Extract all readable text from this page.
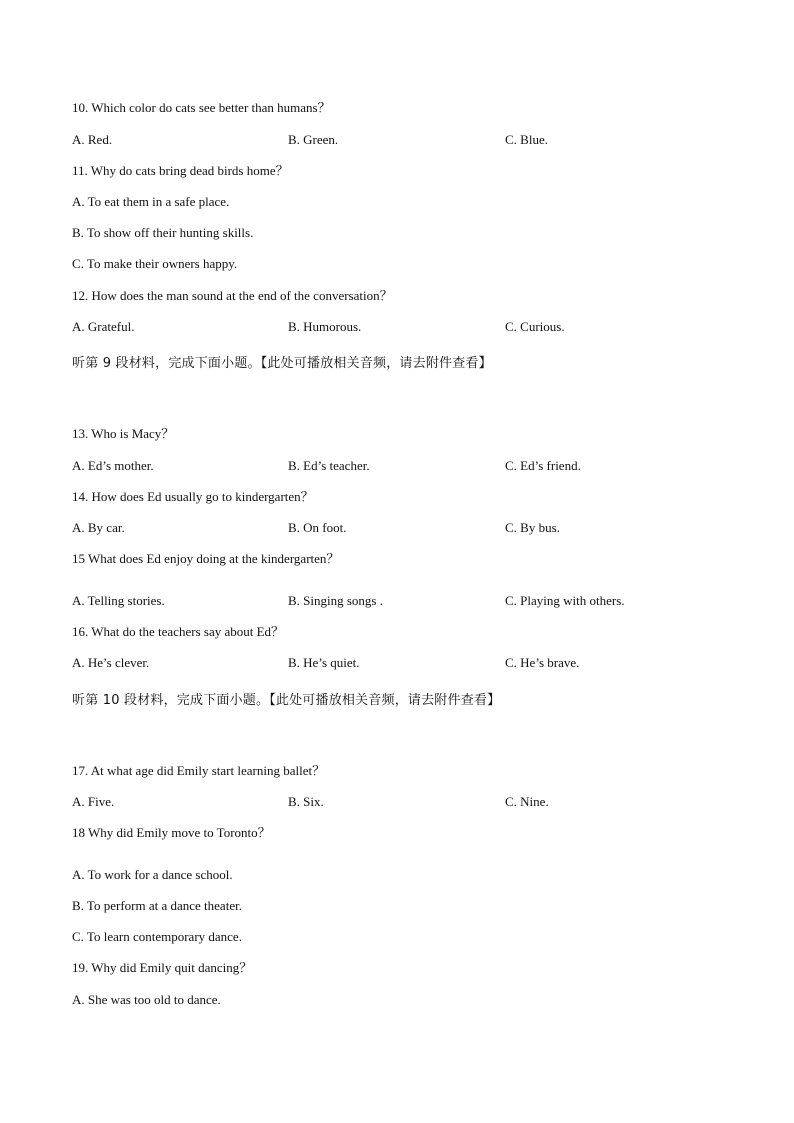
10. Which color do cats see better than humans？
A. Red.	B. Green.	C. Blue.
11. Why do cats bring dead birds home？
A. To eat them in a safe place.
B. To show off their hunting skills.
C. To make their owners happy.
12. How does the man sound at the end of the conversation？
A. Grateful.	B. Humorous.	C. Curious.
听第 9 段材料，完成下面小题。【此处可播放相关音频，请去附件查看】
13. Who is Macy？
A. Ed’s mother.	B. Ed’s teacher.	C. Ed’s friend.
14. How does Ed usually go to kindergarten？
A. By car.	B. On foot.	C. By bus.
15 What does Ed enjoy doing at the kindergarten？
A. Telling stories.	B. Singing songs .	C. Playing with others.
16. What do the teachers say about Ed？
A. He’s clever.	B. He’s quiet.	C. He’s brave.
听第 10 段材料，完成下面小题。【此处可播放相关音频，请去附件查看】
17. At what age did Emily start learning ballet？
A. Five.	B. Six.	C. Nine.
18 Why did Emily move to Toronto？
A. To work for a dance school.
B. To perform at a dance theater.
C. To learn contemporary dance.
19. Why did Emily quit dancing？
A. She was too old to dance.
